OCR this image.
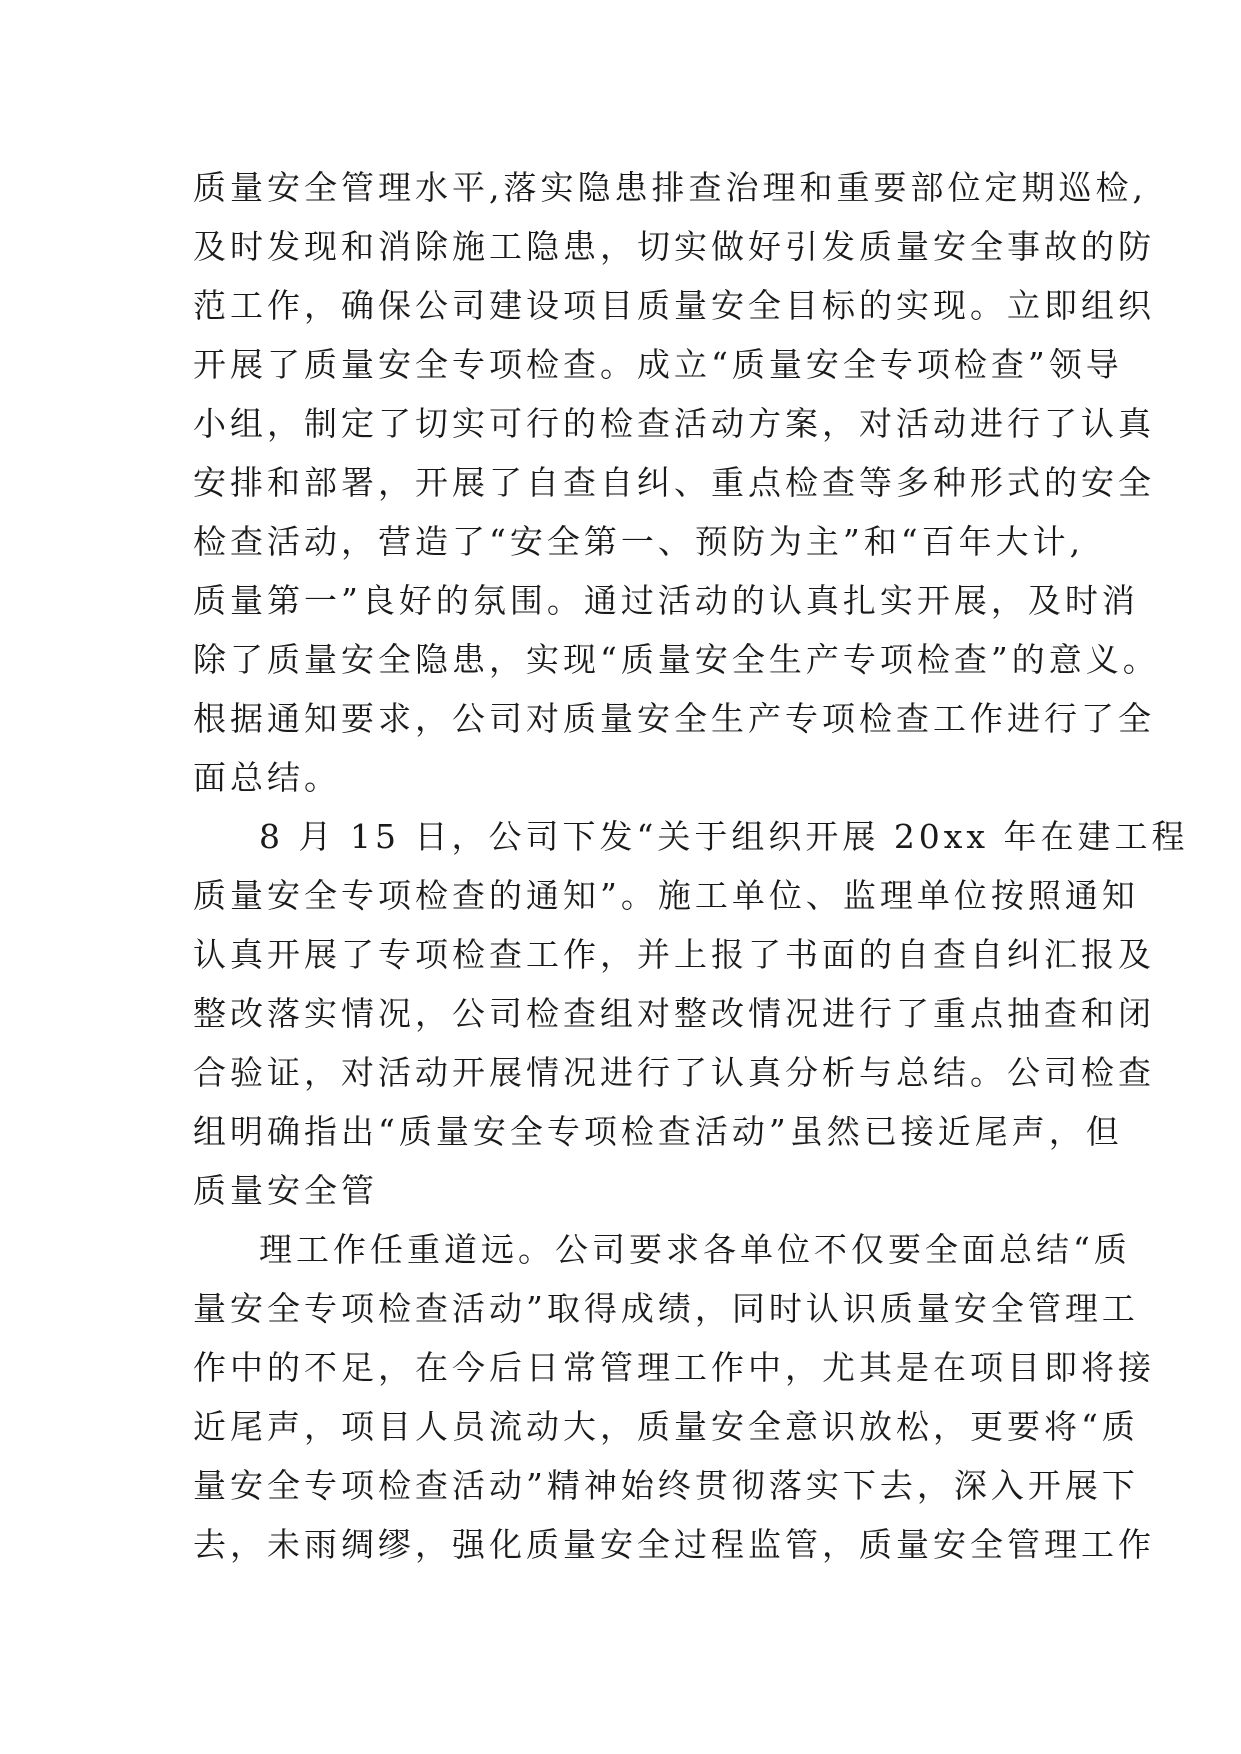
质量安全管理水平,落实隐患排查治理和重要部位定期巡检,
及时发现和消除施工隐患，切实做好引发质量安全事故的防
范工作，确保公司建设项目质量安全目标的实现。立即组织
开展了质量安全专项检查。成立“质量安全专项检查”领导
小组，制定了切实可行的检查活动方案，对活动进行了认真
安排和部署，开展了自查自纠、重点检查等多种形式的安全
检查活动，营造了“安全第一、预防为主”和“百年大计,
质量第一”良好的氛围。通过活动的认真扎实开展，及时消
除了质量安全隐患，实现“质量安全生产专项检查”的意义。
根据通知要求，公司对质量安全生产专项检查工作进行了全
面总结。
8 月 15 日，公司下发“关于组织开展 20xx 年在建工程
质量安全专项检查的通知”。施工单位、监理单位按照通知
认真开展了专项检查工作，并上报了书面的自查自纠汇报及
整改落实情况，公司检查组对整改情况进行了重点抽查和闭
合验证，对活动开展情况进行了认真分析与总结。公司检查
组明确指出“质量安全专项检查活动”虽然已接近尾声，但
质量安全管
理工作任重道远。公司要求各单位不仅要全面总结“质
量安全专项检查活动”取得成绩，同时认识质量安全管理工
作中的不足，在今后日常管理工作中，尤其是在项目即将接
近尾声，项目人员流动大，质量安全意识放松，更要将“质
量安全专项检查活动”精神始终贯彻落实下去，深入开展下
去，未雨绸缪，强化质量安全过程监管，质量安全管理工作
